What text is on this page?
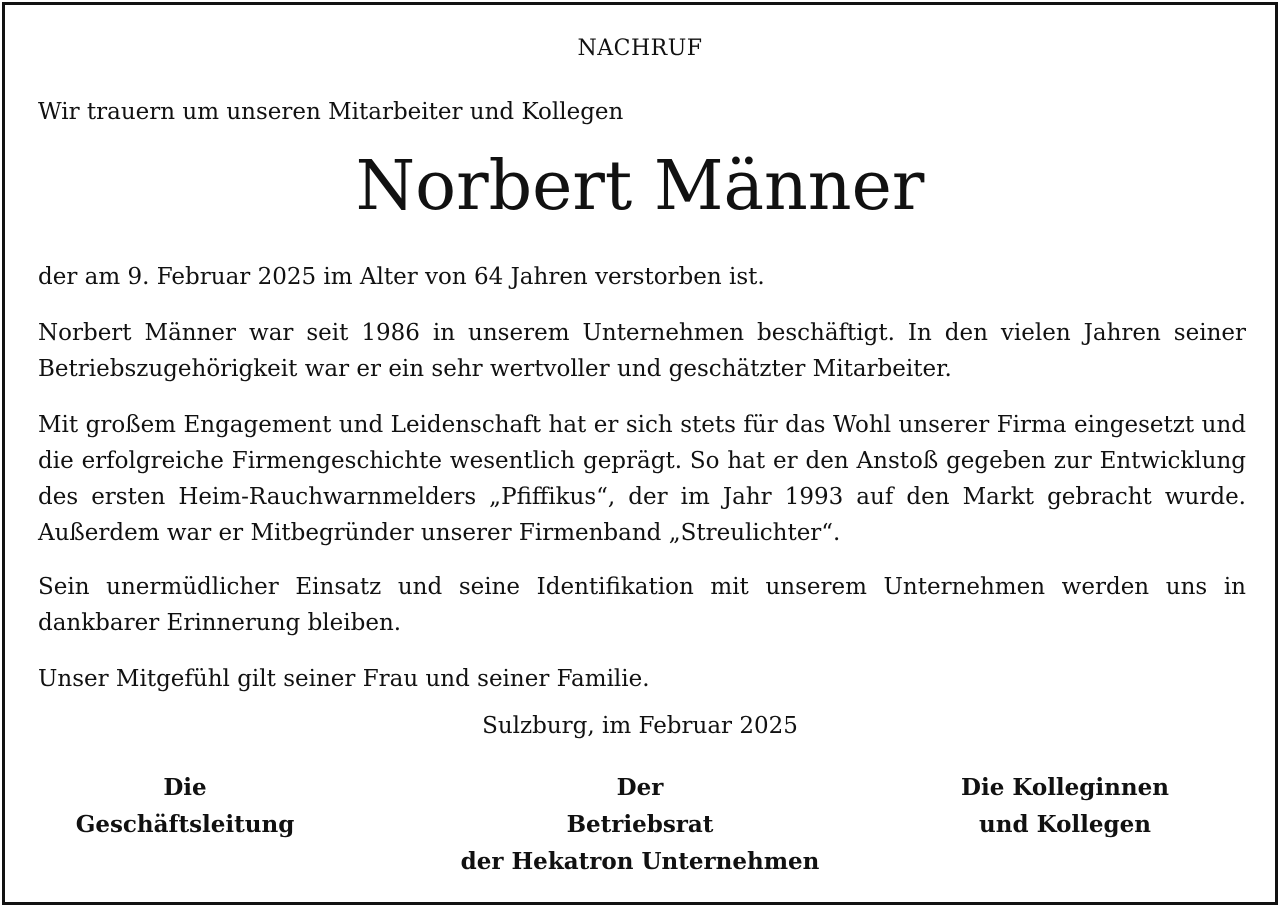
NACHRUF
Wir trauern um unseren Mitarbeiter und Kollegen
Norbert Männer

der am 9. Februar 2025 im Alter von 64 Jahren verstorben ist.

Norbert Männer war seit 1986 in unserem Unternehmen beschäftigt. In den vielen Jahren seiner Betriebszugehörigkeit war er ein sehr wertvoller und geschätzter Mitarbeiter.

Mit großem Engagement und Leidenschaft hat er sich stets für das Wohl unserer Firma eingesetzt und die erfolgreiche Firmengeschichte wesentlich geprägt. So hat er den Anstoß gegeben zur Entwicklung des ersten Heim-Rauchwarnmelders „Pfiffikus“, der im Jahr 1993 auf den Markt gebracht wurde. Außerdem war er Mitbegründer unserer Firmenband „Streulichter“.

Sein unermüdlicher Einsatz und seine Identifikation mit unserem Unternehmen werden uns in dankbarer Erinnerung bleiben.

Unser Mitgefühl gilt seiner Frau und seiner Familie.

Sulzburg, im Februar 2025
Die
Geschäftsleitung
Der
Betriebsrat
der Hekatron Unternehmen
Die Kolleginnen
und Kollegen
